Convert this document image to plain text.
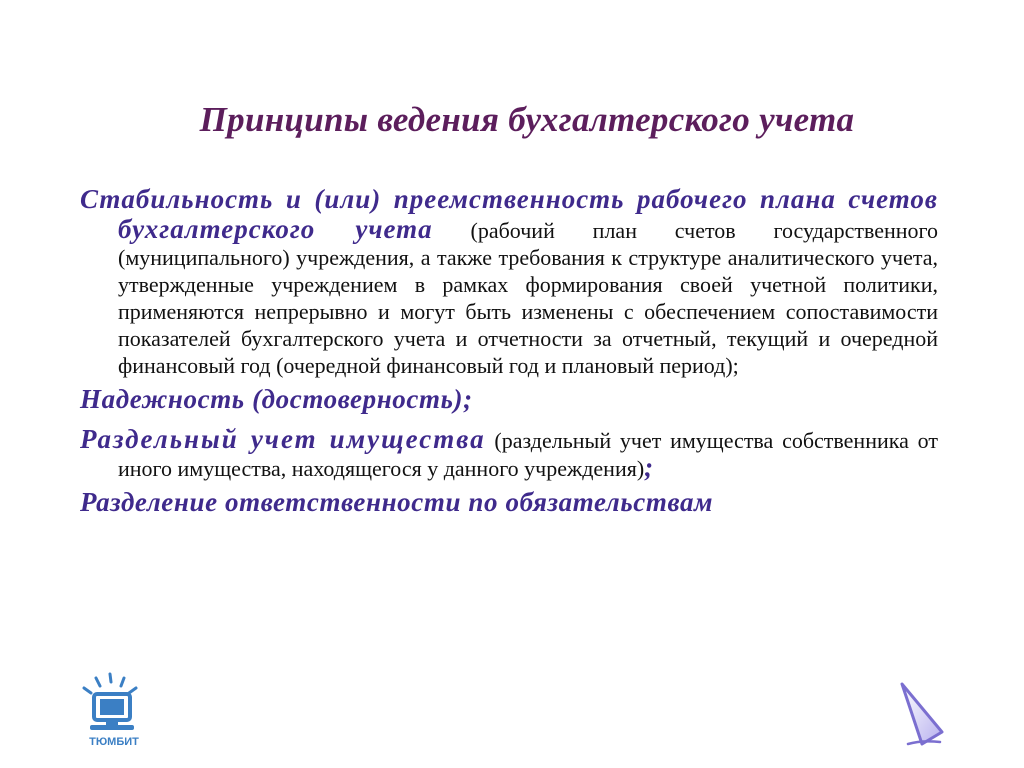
Принципы ведения бухгалтерского учета

Стабильность и (или) преемственность рабочего плана счетов бухгалтерского учета (рабочий план счетов государственного (муниципального) учреждения, а также требования к структуре аналитического учета, утвержденные учреждением в рамках формирования своей учетной политики, применяются непрерывно и могут быть изменены с обеспечением сопоставимости показателей бухгалтерского учета и отчетности за отчетный, текущий и очередной финансовый год (очередной финансовый год и плановый период);

Надежность (достоверность);

Раздельный учет имущества (раздельный учет имущества собственника от иного имущества, находящегося у данного учреждения);

Разделение ответственности по обязательствам

ТЮМБИТ
